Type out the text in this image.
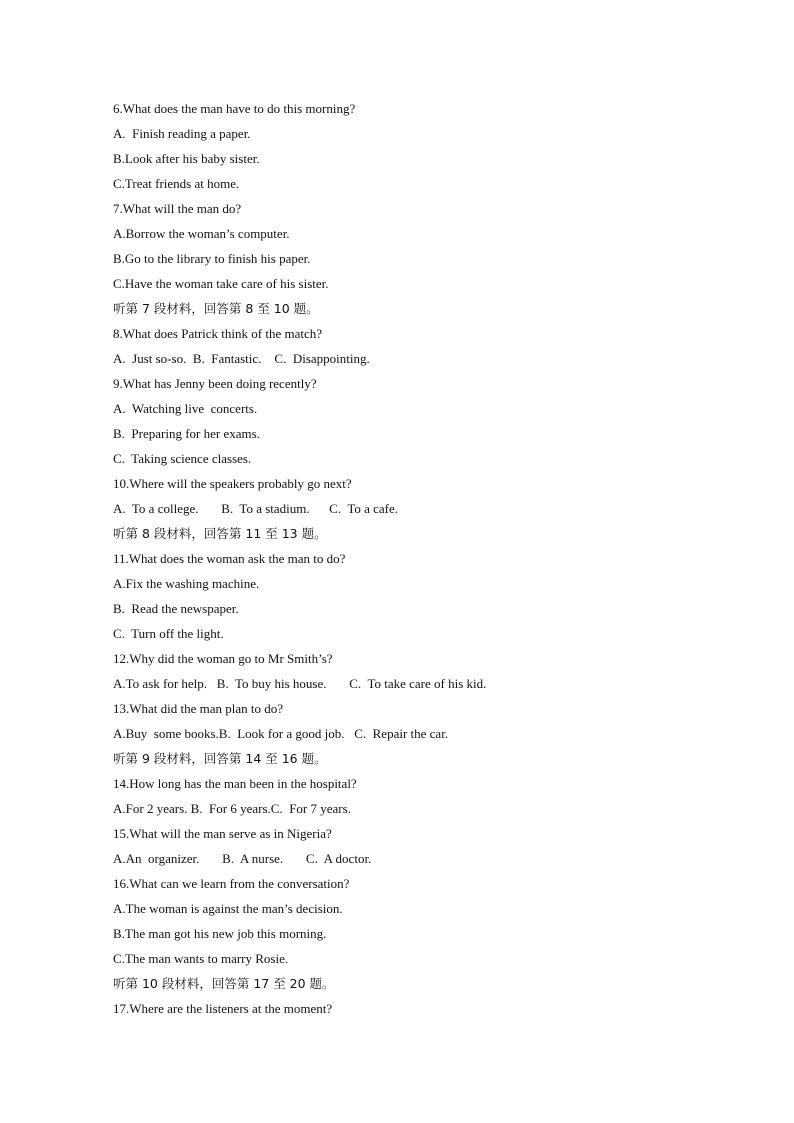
6.What does the man have to do this morning?
A.  Finish reading a paper.
B.Look after his baby sister.
C.Treat friends at home.
7.What will the man do?
A.Borrow the woman’s computer.
B.Go to the library to finish his paper.
C.Have the woman take care of his sister.
听第 7 段材料，回答第 8 至 10 题。
8.What does Patrick think of the match?
A.  Just so-so.  B.  Fantastic.    C.  Disappointing.
9.What has Jenny been doing recently?
A.  Watching live  concerts.
B.  Preparing for her exams.
C.  Taking science classes.
10.Where will the speakers probably go next?
A.  To a college.       B.  To a stadium.      C.  To a cafe.
听第 8 段材料，回答第 11 至 13 题。
11.What does the woman ask the man to do?
A.Fix the washing machine.
B.  Read the newspaper.
C.  Turn off the light.
12.Why did the woman go to Mr Smith’s?
A.To ask for help.   B.  To buy his house.       C.  To take care of his kid.
13.What did the man plan to do?
A.Buy  some books.B.  Look for a good job.   C.  Repair the car.
听第 9 段材料，回答第 14 至 16 题。
14.How long has the man been in the hospital?
A.For 2 years. B.  For 6 years.C.  For 7 years.
15.What will the man serve as in Nigeria?
A.An  organizer.       B.  A nurse.       C.  A doctor.
16.What can we learn from the conversation?
A.The woman is against the man’s decision.
B.The man got his new job this morning.
C.The man wants to marry Rosie.
听第 10 段材料，回答第 17 至 20 题。
17.Where are the listeners at the moment?
